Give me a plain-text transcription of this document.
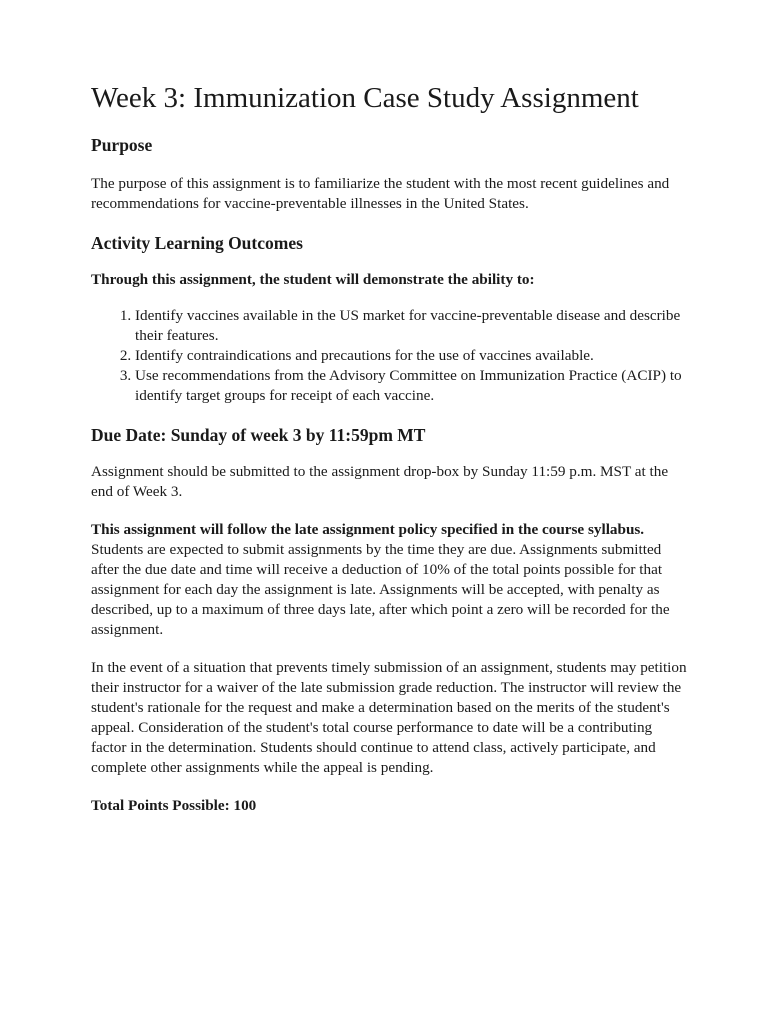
Week 3: Immunization Case Study Assignment
Purpose

The purpose of this assignment is to familiarize the student with the most recent guidelines and recommendations for vaccine-preventable illnesses in the United States.

Activity Learning Outcomes

Through this assignment, the student will demonstrate the ability to:

1. Identify vaccines available in the US market for vaccine-preventable disease and describe their features.
2. Identify contraindications and precautions for the use of vaccines available.
3. Use recommendations from the Advisory Committee on Immunization Practice (ACIP) to identify target groups for receipt of each vaccine.
Due Date: Sunday of week 3 by 11:59pm MT

Assignment should be submitted to the assignment drop-box by Sunday 11:59 p.m. MST at the end of Week 3.

This assignment will follow the late assignment policy specified in the course syllabus. Students are expected to submit assignments by the time they are due. Assignments submitted after the due date and time will receive a deduction of 10% of the total points possible for that assignment for each day the assignment is late. Assignments will be accepted, with penalty as described, up to a maximum of three days late, after which point a zero will be recorded for the assignment.

In the event of a situation that prevents timely submission of an assignment, students may petition their instructor for a waiver of the late submission grade reduction. The instructor will review the student's rationale for the request and make a determination based on the merits of the student's appeal. Consideration of the student's total course performance to date will be a contributing factor in the determination. Students should continue to attend class, actively participate, and complete other assignments while the appeal is pending.

Total Points Possible: 100
